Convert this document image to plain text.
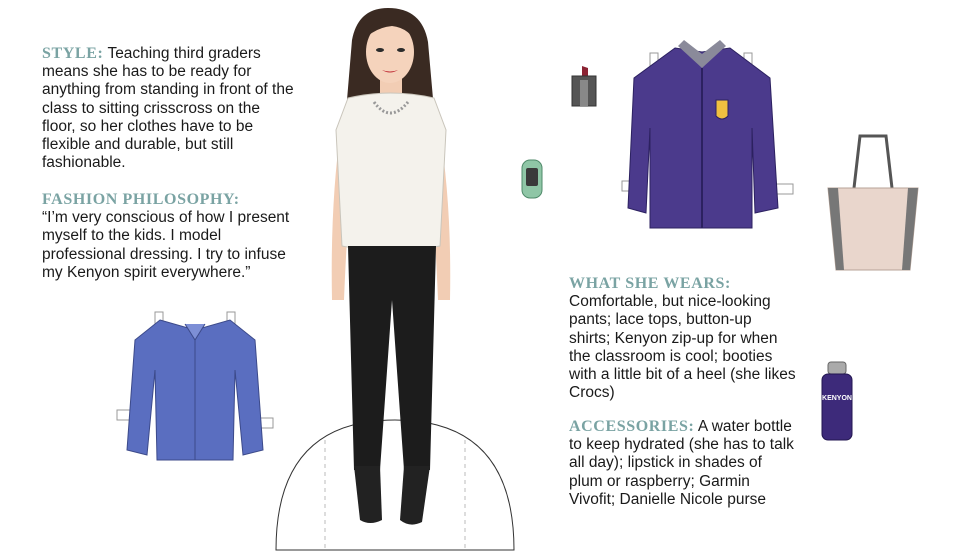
STYLE: Teaching third graders means she has to be ready for anything from standing in front of the class to sitting crisscross on the floor, so her clothes have to be flexible and durable, but still fashionable.
FASHION PHILOSOPHY:
“I’m very conscious of how I present myself to the kids. I model professional dressing. I try to infuse my Kenyon spirit everywhere.”
WHAT SHE WEARS:
Comfortable, but nice-looking pants; lace tops, button-up shirts; Kenyon zip-up for when the classroom is cool; booties with a little bit of a heel (she likes Crocs)
ACCESSORIES: A water bottle to keep hydrated (she has to talk all day); lipstick in shades of plum or raspberry; Garmin Vivofit; Danielle Nicole purse
KENYON
